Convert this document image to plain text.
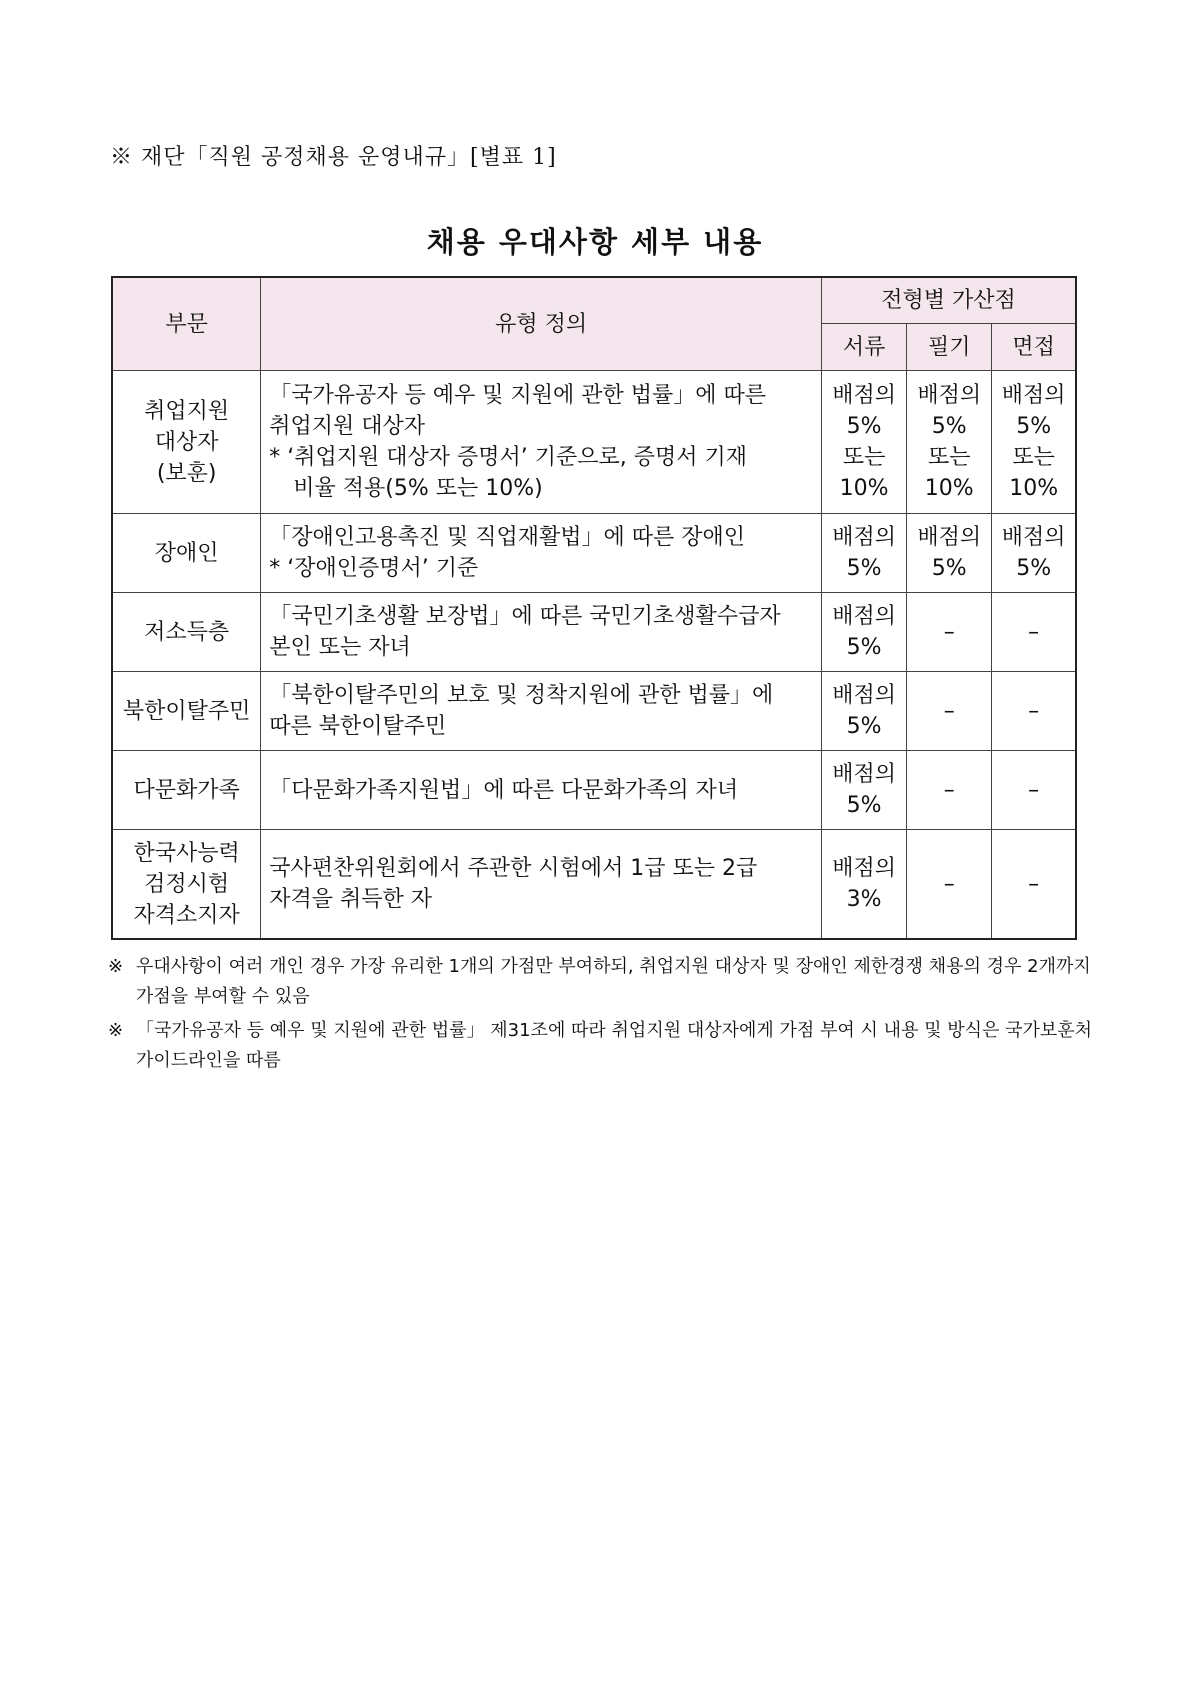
※ 재단「직원 공정채용 운영내규」[별표 1]
채용 우대사항 세부 내용
부문	유형 정의	전형별 가산점		
		서류	필기	면접
취업지원
대상자
(보훈)	「국가유공자 등 예우 및 지원에 관한 법률」에 따른
취업지원 대상자
* ‘취업지원 대상자 증명서’ 기준으로, 증명서 기재
비율 적용(5% 또는 10%)	배점의
5%
또는
10%	배점의
5%
또는
10%	배점의
5%
또는
10%
장애인	「장애인고용촉진 및 직업재활법」에 따른 장애인
* ‘장애인증명서’ 기준	배점의
5%	배점의
5%	배점의
5%
저소득층	「국민기초생활 보장법」에 따른 국민기초생활수급자
본인 또는 자녀	배점의
5%	–	–
북한이탈주민	「북한이탈주민의 보호 및 정착지원에 관한 법률」에
따른 북한이탈주민	배점의
5%	–	–
다문화가족	「다문화가족지원법」에 따른 다문화가족의 자녀	배점의
5%	–	–
한국사능력
검정시험
자격소지자	국사편찬위원회에서 주관한 시험에서 1급 또는 2급
자격을 취득한 자	배점의
3%	–	–
※ 우대사항이 여러 개인 경우 가장 유리한 1개의 가점만 부여하되, 취업지원 대상자 및 장애인 제한경쟁 채용의 경우 2개까지 가점을 부여할 수 있음
※ 「국가유공자 등 예우 및 지원에 관한 법률」 제31조에 따라 취업지원 대상자에게 가점 부여 시 내용 및 방식은 국가보훈처 가이드라인을 따름
